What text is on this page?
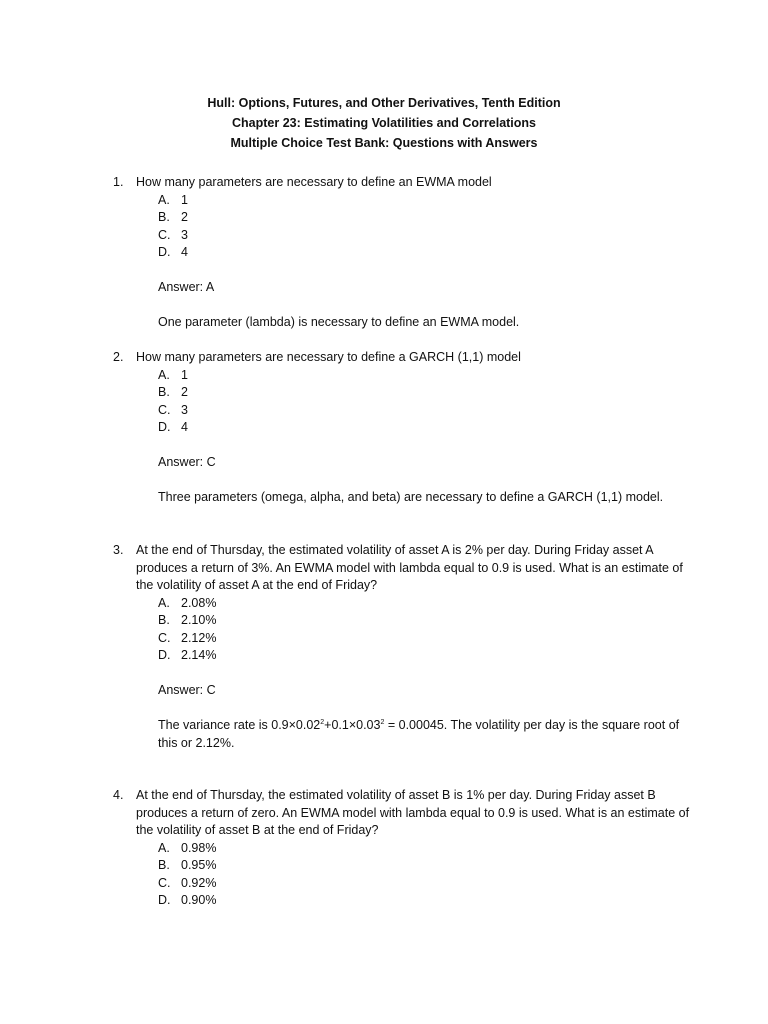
Hull: Options, Futures, and Other Derivatives, Tenth Edition
Chapter 23: Estimating Volatilities and Correlations
Multiple Choice Test Bank: Questions with Answers
1.	How many parameters are necessary to define an EWMA model
A. 1
B. 2
C. 3
D. 4
Answer: A
One parameter (lambda) is necessary to define an EWMA model.
2.	How many parameters are necessary to define a GARCH (1,1) model
A. 1
B. 2
C. 3
D. 4
Answer: C
Three parameters (omega, alpha, and beta) are necessary to define a GARCH (1,1) model.
3.	At the end of Thursday, the estimated volatility of asset A is 2% per day. During Friday asset A produces a return of 3%. An EWMA model with lambda equal to 0.9 is used. What is an estimate of the volatility of asset A at the end of Friday?
A. 2.08%
B. 2.10%
C. 2.12%
D. 2.14%
Answer: C
The variance rate is $0.9\times 0.02^2+0.1\times 0.03^2 = 0.00045$. The volatility per day is the square root of this or 2.12%.
4.	At the end of Thursday, the estimated volatility of asset B is 1% per day. During Friday asset B produces a return of zero. An EWMA model with lambda equal to 0.9 is used. What is an estimate of the volatility of asset B at the end of Friday?
A. 0.98%
B. 0.95%
C. 0.92%
D. 0.90%
